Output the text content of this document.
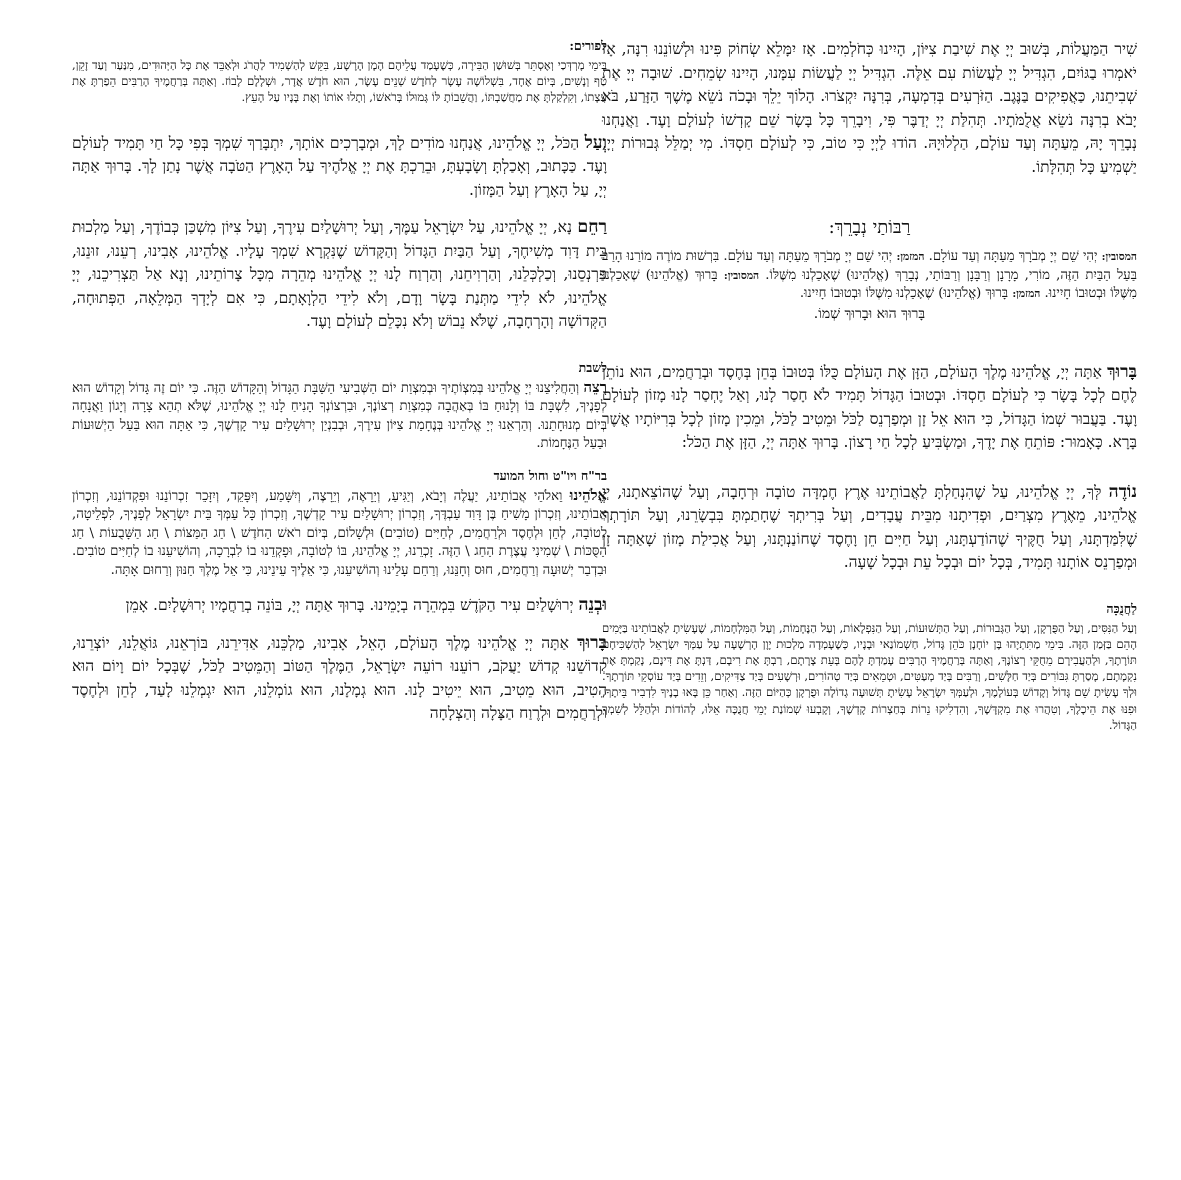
שִׁיר הַמַּעֲלוֹת, בְּשׁוּב יְיָ אֶת שִׁיבַת צִיּוֹן, הָיִינוּ כְּחֹלְמִים. אָז יִמָּלֵא שְׂחוֹק פִּינוּ וּלְשׁוֹנֵנוּ רִנָּה, אָז יֹאמְרוּ בַגּוֹיִם, הִגְדִּיל יְיָ לַעֲשׂוֹת עִם אֵלֶּה. הִגְדִּיל יְיָ לַעֲשׂוֹת עִמָּנוּ, הָיִינוּ שְׂמֵחִים. שׁוּבָה יְיָ אֶת שְׁבִיתֵנוּ, כַּאֲפִיקִים בַּנֶּגֶב. הַזֹּרְעִים בְּדִמְעָה, בְּרִנָּה יִקְצֹרוּ. הָלוֹךְ יֵלֵךְ וּבָכֹה נֹשֵׂא מֶשֶׁךְ הַזָּרַע, בֹּא יָבֹא בְרִנָּה נֹשֵׂא אֲלֻמֹּתָיו. תְּהִלַּת יְיָ יְדַבֶּר פִּי, וִיבָרֵךְ כָּל בָּשָׂר שֵׁם קָדְשׁוֹ לְעוֹלָם וָעֶד. וַאֲנַחְנוּ נְבָרֵךְ יָהּ, מֵעַתָּה וְעַד עוֹלָם, הַלְלוּיָהּ. הוֹדוּ לַיְיָ כִּי טוֹב, כִּי לְעוֹלָם חַסְדּוֹ. מִי יְמַלֵּל גְּבוּרוֹת יְיָ, יַשְׁמִיעַ כָּל תְּהִלָּתוֹ.

רַבּוֹתַי נְבָרֵךְ:

המסובין: יְהִי שֵׁם יְיָ מְבֹרָךְ מֵעַתָּה וְעַד עוֹלָם. המזמן: יְהִי שֵׁם יְיָ מְבֹרָךְ מֵעַתָּה וְעַד עוֹלָם. בִּרְשׁוּת מוֹרֶה מוֹרַנוּ הָרַב בַּעַל הַבַּיִת הַזֶּה, מוֹרִי, מָרָנָן וְרַבָּנָן וְרַבּוֹתַי, נְבָרֵךְ (אֱלֹהֵינוּ) שֶׁאָכַלְנוּ מִשֶּׁלּוֹ. המסובין: בָּרוּךְ (אֱלֹהֵינוּ) שֶׁאָכַלְנוּ מִשֶּׁלּוֹ וּבְטוּבוֹ חָיִינוּ. המזמן: בָּרוּךְ (אֱלֹהֵינוּ) שֶׁאָכַלְנוּ מִשֶּׁלּוֹ וּבְטוּבוֹ חָיִינוּ.

בָּרוּךְ הוּא וּבָרוּךְ שְׁמוֹ.

בָּרוּךְ אַתָּה יְיָ, אֱלֹהֵינוּ מֶלֶךְ הָעוֹלָם, הַזָּן אֶת הָעוֹלָם כֻּלּוֹ בְּטוּבוֹ בְּחֵן בְּחֶסֶד וּבְרַחֲמִים, הוּא נוֹתֵן לֶחֶם לְכָל בָּשָׂר כִּי לְעוֹלָם חַסְדּוֹ. וּבְטוּבוֹ הַגָּדוֹל תָּמִיד לֹא חָסַר לָנוּ, וְאַל יֶחְסַר לָנוּ מָזוֹן לְעוֹלָם וָעֶד. בַּעֲבוּר שְׁמוֹ הַגָּדוֹל, כִּי הוּא אֵל זָן וּמְפַרְנֵס לַכֹּל וּמֵטִיב לַכֹּל, וּמֵכִין מָזוֹן לְכָל בְּרִיּוֹתָיו אֲשֶׁר בָּרָא. כָּאָמוּר: פּוֹתֵחַ אֶת יָדֶךָ, וּמַשְׂבִּיעַ לְכָל חַי רָצוֹן. בָּרוּךְ אַתָּה יְיָ, הַזָּן אֶת הַכֹּל:

נוֹדֶה לְּךָ, יְיָ אֱלֹהֵינוּ, עַל שֶׁהִנְחַלְתָּ לַאֲבוֹתֵינוּ אֶרֶץ חֶמְדָּה טוֹבָה וּרְחָבָה, וְעַל שֶׁהוֹצֵאתָנוּ, יְיָ אֱלֹהֵינוּ, מֵאֶרֶץ מִצְרַיִם, וּפְדִיתָנוּ מִבֵּית עֲבָדִים, וְעַל בְּרִיתְךָ שֶׁחָתַמְתָּ בִּבְשָׂרֵנוּ, וְעַל תּוֹרָתְךָ שֶׁלִּמַּדְתָּנוּ, וְעַל חֻקֶּיךָ שֶׁהוֹדַעְתָּנוּ, וְעַל חַיִּים חֵן וָחֶסֶד שֶׁחוֹנַנְתָּנוּ, וְעַל אֲכִילַת מָזוֹן שָׁאַתָּה זָן וּמְפַרְנֵס אוֹתָנוּ תָּמִיד, בְּכָל יוֹם וּבְכָל עֵת וּבְכָל שָׁעָה.

לַחֲנֻכָּה

וְעַל הַנִּסִּים, וְעַל הַפֻּרְקָן, וְעַל הַגְּבוּרוֹת, וְעַל הַתְּשׁוּעוֹת, וְעַל הַנִּפְלָאוֹת, וְעַל הַנֶּחָמוֹת, וְעַל הַמִּלְחָמוֹת, שֶׁעָשִׂיתָ לַאֲבוֹתֵינוּ בַּיָּמִים הָהֵם בַּזְּמַן הַזֶּה. בִּימֵי מַתִּתְיָהוּ בֶּן יוֹחָנָן כֹּהֵן גָּדוֹל, חַשְׁמוֹנַאי וּבָנָיו, כְּשֶׁעָמְדָה מַלְכוּת יָוָן הָרְשָׁעָה עַל עַמְּךָ יִשְׂרָאֵל לְהַשְׁכִּיחָם תּוֹרָתֶךָ, וּלְהַעֲבִירָם מֵחֻקֵּי רְצוֹנֶךָ, וְאַתָּה בְּרַחֲמֶיךָ הָרַבִּים עָמַדְתָּ לָהֶם בְּעֵת צָרָתָם, רַבְתָּ אֶת רִיבָם, דַּנְתָּ אֶת דִּינָם, נָקַמְתָּ אֶת נִקְמָתָם, מָסַרְתָּ גִּבּוֹרִים בְּיַד חַלָּשִׁים, וְרַבִּים בְּיַד מְעַטִּים, וּטְמֵאִים בְּיַד טְהוֹרִים, וּרְשָׁעִים בְּיַד צַדִּיקִים, וְזֵדִים בְּיַד עוֹסְקֵי תּוֹרָתֶךָ. וּלְךָ עָשִׂיתָ שֵׁם גָּדוֹל וְקָדוֹשׁ בְּעוֹלָמֶךָ, וּלְעַמְּךָ יִשְׂרָאֵל עָשִׂיתָ תְּשׁוּעָה גְדוֹלָה וּפֻרְקָן כְּהַיּוֹם הַזֶּה. וְאַחַר כֵּן בָּאוּ בָנֶיךָ לִדְבִיר בֵּיתֶךָ, וּפִנּוּ אֶת הֵיכָלֶךָ, וְטִהֲרוּ אֶת מִקְדָּשֶׁךָ, וְהִדְלִיקוּ נֵרוֹת בְּחַצְרוֹת קָדְשֶׁךָ, וְקָבְעוּ שְׁמוֹנַת יְמֵי חֲנֻכָּה אֵלּוּ, לְהוֹדוֹת וּלְהַלֵּל לְשִׁמְךָ הַגָּדוֹל.

לפורים:

בִּימֵי מָרְדְּכַי וְאֶסְתֵּר בְּשׁוּשַׁן הַבִּירָה, כְּשֶׁעָמַד עֲלֵיהֶם הָמָן הָרָשָׁע, בִּקֵּשׁ לְהַשְׁמִיד לַהֲרֹג וּלְאַבֵּד אֶת כָּל הַיְּהוּדִים, מִנַּעַר וְעַד זָקֵן, טַף וְנָשִׁים, בְּיוֹם אֶחָד, בִּשְׁלוֹשָׁה עָשָׂר לְחֹדֶשׁ שְׁנֵים עָשָׂר, הוּא חֹדֶשׁ אֲדָר, וּשְׁלָלָם לָבוֹז. וְאַתָּה בְּרַחֲמֶיךָ הָרַבִּים הֵפַרְתָּ אֶת עֲצָתוֹ, וְקִלְקַלְתָּ אֶת מַחֲשַׁבְתּוֹ, וַהֲשֵׁבוֹתָ לּוֹ גְּמוּלוֹ בְּרֹאשׁוֹ, וְתָלוּ אוֹתוֹ וְאֶת בָּנָיו עַל הָעֵץ.

וְעַל הַכֹּל, יְיָ אֱלֹהֵינוּ, אֲנַחְנוּ מוֹדִים לָךְ, וּמְבָרְכִים אוֹתָךְ, יִתְבָּרַךְ שִׁמְךָ בְּפִי כָּל חַי תָּמִיד לְעוֹלָם וָעֶד. כַּכָּתוּב, וְאָכַלְתָּ וְשָׂבָעְתָּ, וּבֵרַכְתָּ אֶת יְיָ אֱלֹהֶיךָ עַל הָאָרֶץ הַטֹּבָה אֲשֶׁר נָתַן לָךְ. בָּרוּךְ אַתָּה יְיָ, עַל הָאָרֶץ וְעַל הַמָּזוֹן.

רַחֵם נָא, יְיָ אֱלֹהֵינוּ, עַל יִשְׂרָאֵל עַמֶּךָ, וְעַל יְרוּשָׁלַיִם עִירֶךָ, וְעַל צִיּוֹן מִשְׁכַּן כְּבוֹדֶךָ, וְעַל מַלְכוּת בֵּית דָּוִד מְשִׁיחֶךָ, וְעַל הַבַּיִת הַגָּדוֹל וְהַקָּדוֹשׁ שֶׁנִּקְרָא שִׁמְךָ עָלָיו. אֱלֹהֵינוּ, אָבִינוּ, רְעֵנוּ, זוּנֵנוּ, פַּרְנְסֵנוּ, וְכַלְכְּלֵנוּ, וְהַרְוִיחֵנוּ, וְהַרְוַח לָנוּ יְיָ אֱלֹהֵינוּ מְהֵרָה מִכָּל צָרוֹתֵינוּ, וְנָא אַל תַּצְרִיכֵנוּ, יְיָ אֱלֹהֵינוּ, לֹא לִידֵי מַתְּנַת בָּשָׂר וָדָם, וְלֹא לִידֵי הַלְוָאָתָם, כִּי אִם לְיָדְךָ הַמְּלֵאָה, הַפְּתוּחָה, הַקְּדוֹשָׁה וְהָרְחָבָה, שֶׁלֹּא נֵבוֹשׁ וְלֹא נִכָּלֵם לְעוֹלָם וָעֶד.

לשבת

רְצֵה וְהַחֲלִיצֵנוּ יְיָ אֱלֹהֵינוּ בְּמִצְוֹתֶיךָ וּבְמִצְוַת יוֹם הַשְּׁבִיעִי הַשַּׁבָּת הַגָּדוֹל וְהַקָּדוֹשׁ הַזֶּה. כִּי יוֹם זֶה גָּדוֹל וְקָדוֹשׁ הוּא לְפָנֶיךָ, לִשְׁבָּת בּוֹ וְלָנוּחַ בּוֹ בְּאַהֲבָה כְּמִצְוַת רְצוֹנֶךָ, וּבִרְצוֹנְךָ הָנִיחַ לָנוּ יְיָ אֱלֹהֵינוּ, שֶׁלֹּא תְהֵא צָרָה וְיָגוֹן וַאֲנָחָה בְּיוֹם מְנוּחָתֵנוּ. וְהַרְאֵנוּ יְיָ אֱלֹהֵינוּ בְּנֶחָמַת צִיּוֹן עִירֶךָ, וּבְבִנְיַן יְרוּשָׁלַיִם עִיר קָדְשֶׁךָ, כִּי אַתָּה הוּא בַּעַל הַיְשׁוּעוֹת וּבַעַל הַנֶּחָמוֹת.

בר"ח ויו"ט וחול המועד

אֱלֹהֵינוּ וֵאלֹהֵי אֲבוֹתֵינוּ, יַעֲלֶה וְיָבֹא, וְיַגִּיעַ, וְיֵרָאֶה, וְיֵרָצֶה, וְיִשָּׁמַע, וְיִפָּקֵד, וְיִזָּכֵר זִכְרוֹנֵנוּ וּפִקְדוֹנֵנוּ, וְזִכְרוֹן אֲבוֹתֵינוּ, וְזִכְרוֹן מָשִׁיחַ בֶּן דָּוִד עַבְדֶּךָ, וְזִכְרוֹן יְרוּשָׁלַיִם עִיר קָדְשֶׁךָ, וְזִכְרוֹן כָּל עַמְּךָ בֵּית יִשְׂרָאֵל לְפָנֶיךָ, לִפְלֵיטָה, לְטוֹבָה, לְחֵן וּלְחֶסֶד וּלְרַחֲמִים, לְחַיִּים (טוֹבִים) וּלְשָׁלוֹם, בְּיוֹם רֹאשׁ הַחֹדֶשׁ \ חַג הַמַּצּוֹת \ חַג הַשָּׁבֻעוֹת \ חַג הַסֻּכּוֹת \ שְׁמִינִי עֲצֶרֶת הַחַג \ הַזֶּה. זָכְרֵנוּ, יְיָ אֱלֹהֵינוּ, בּוֹ לְטוֹבָה, וּפָקְדֵנוּ בוֹ לִבְרָכָה, וְהוֹשִׁיעֵנוּ בוֹ לְחַיִּים טוֹבִים. וּבִדְבַר יְשׁוּעָה וְרַחֲמִים, חוּס וְחָנֵּנוּ, וְרַחֵם עָלֵינוּ וְהוֹשִׁיעֵנוּ, כִּי אֵלֶיךָ עֵינֵינוּ, כִּי אֵל מֶלֶךְ חַנּוּן וְרַחוּם אָתָּה.

וּבְנֵה יְרוּשָׁלַיִם עִיר הַקֹּדֶשׁ בִּמְהֵרָה בְיָמֵינוּ. בָּרוּךְ אַתָּה יְיָ, בּוֹנֵה בְרַחֲמָיו יְרוּשָׁלָיִם. אָמֵן

בָּרוּךְ אַתָּה יְיָ אֱלֹהֵינוּ מֶלֶךְ הָעוֹלָם, הָאֵל, אָבִינוּ, מַלְכֵּנוּ, אַדִּירֵנוּ, בּוֹרְאֵנוּ, גּוֹאֲלֵנוּ, יוֹצְרֵנוּ, קְדוֹשֵׁנוּ קְדוֹשׁ יַעֲקֹב, רוֹעֵנוּ רוֹעֵה יִשְׂרָאֵל, הַמֶּלֶךְ הַטּוֹב וְהַמֵּטִיב לַכֹּל, שֶׁבְּכָל יוֹם וָיוֹם הוּא הֵטִיב, הוּא מֵטִיב, הוּא יֵיטִיב לָנוּ. הוּא גְמָלָנוּ, הוּא גוֹמְלֵנוּ, הוּא יִגְמְלֵנוּ לָעַד, לְחֵן וּלְחֶסֶד וּלְרַחֲמִים וּלְרֶוַח הַצָּלָה וְהַצְלָחָה
